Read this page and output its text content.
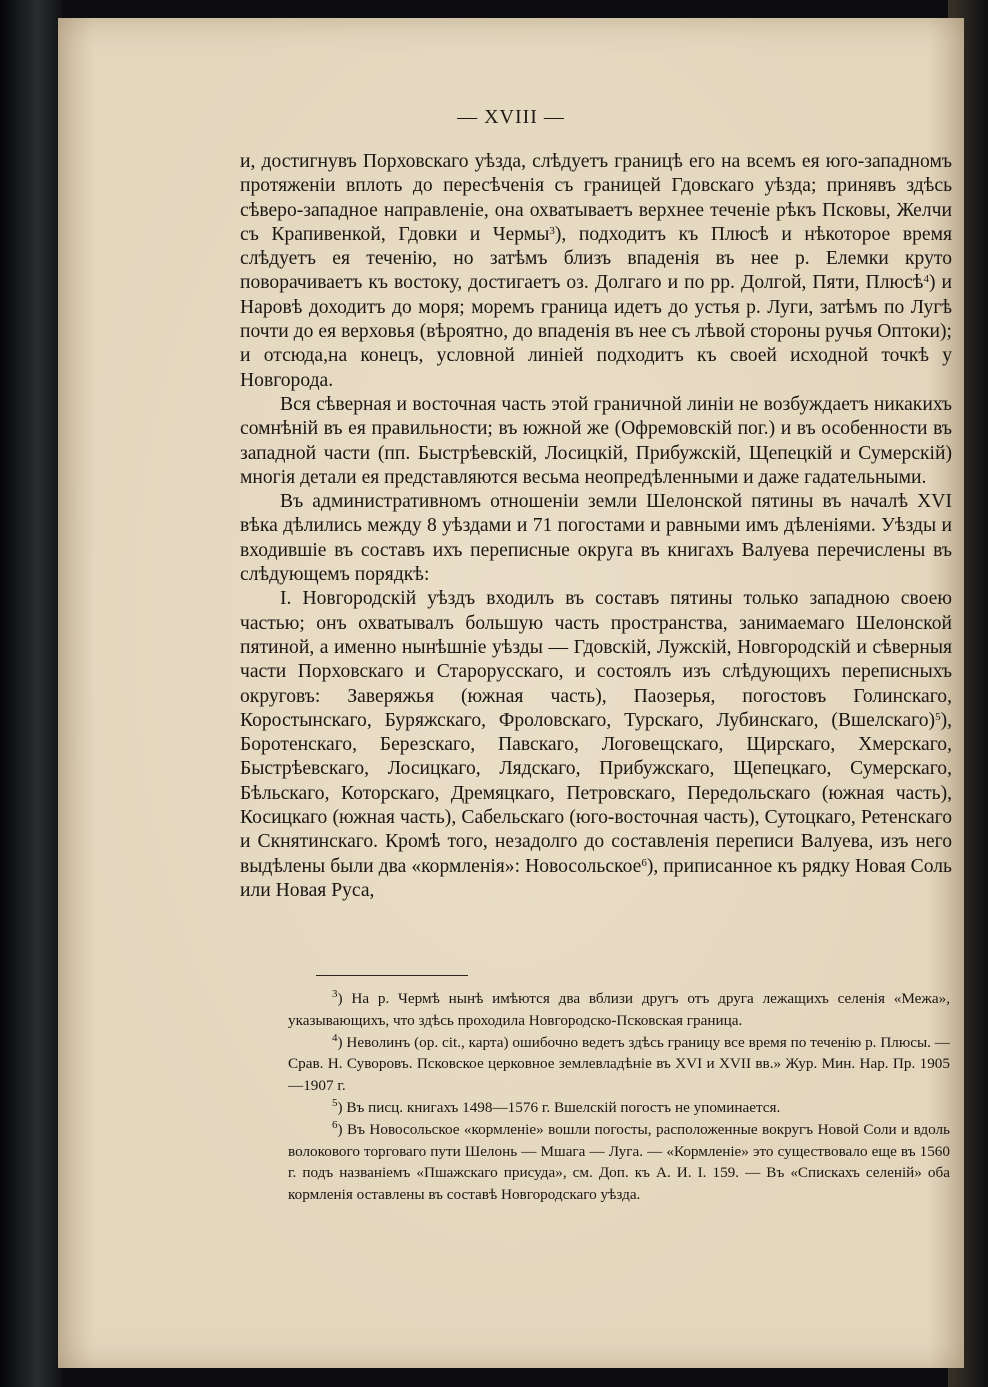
— XVIII —

и, достигнувъ Порховскаго уѣзда, слѣдуетъ границѣ его на всемъ ея юго-западномъ протяженіи вплоть до пересѣченія съ границей Гдовскаго уѣзда; принявъ здѣсь сѣверо-западное направленіе, она охватываетъ верхнее теченіе рѣкъ Псковы, Желчи съ Крапивенкой, Гдовки и Чермы$^3$), подходитъ къ Плюсѣ и нѣкоторое время слѣдуетъ ея теченію, но затѣмъ близъ впаденія въ нее р. Елемки круто поворачиваетъ къ востоку, достигаетъ оз. Долгаго и по рр. Долгой, Пяти, Плюсѣ$^4$) и Наровѣ доходитъ до моря; моремъ граница идетъ до устья р. Луги, затѣмъ по Лугѣ почти до ея верховья (вѣроятно, до впаденія въ нее съ лѣвой стороны ручья Оптоки); и отсюда,на конецъ, условной линіей подходитъ къ своей исходной точкѣ у Новгорода.

Вся сѣверная и восточная часть этой граничной линіи не возбуждаетъ никакихъ сомнѣній въ ея правильности; въ южной же (Офремовскій пог.) и въ особенности въ западной части (пп. Быстрѣевскій, Лосицкій, Прибужскій, Щепецкій и Сумерскій) многія детали ея представляются весьма неопредѣленными и даже гадательными.

Въ административномъ отношеніи земли Шелонской пятины въ началѣ XVI вѣка дѣлились между 8 уѣздами и 71 погостами и равными имъ дѣленіями. Уѣзды и входившіе въ составъ ихъ переписные округа въ книгахъ Валуева перечислены въ слѣдующемъ порядкѣ:

I. Новгородскій уѣздъ входилъ въ составъ пятины только западною своею частью; онъ охватывалъ большую часть пространства, занимаемаго Шелонской пятиной, а именно нынѣшніе уѣзды — Гдовскій, Лужскій, Новгородскій и сѣверныя части Порховскаго и Старорусскаго, и состоялъ изъ слѣдующихъ переписныхъ округовъ: Заверяжья (южная часть), Паозерья, погостовъ Голинскаго, Коростынскаго, Буряжскаго, Фроловскаго, Турскаго, Лубинскаго, (Вшелскаго)$^5$), Боротенскаго, Березскаго, Павскаго, Логовещскаго, Щирскаго, Хмерскаго, Быстрѣевскаго, Лосицкаго, Лядскаго, Прибужскаго, Щепецкаго, Сумерскаго, Бѣльскаго, Которскаго, Дремяцкаго, Петровскаго, Передольскаго (южная часть), Косицкаго (южная часть), Сабельскаго (юго-восточная часть), Сутоцкаго, Ретенскаго и Скнятинскаго. Кромѣ того, незадолго до составленія переписи Валуева, изъ него выдѣлены были два «кормленія»: Новосольское$^6$), приписанное къ рядку Новая Соль или Новая Руса,

$^3$) На р. Чермѣ нынѣ имѣются два вблизи другъ отъ друга лежащихъ селенія «Межа», указывающихъ, что здѣсь проходила Новгородско-Псковская граница.

$^4$) Неволинъ (op. cit., карта) ошибочно ведетъ здѣсь границу все время по теченію р. Плюсы. — Срав. Н. Суворовъ. Псковское церковное землевладѣніе въ XVI и XVII вв.» Жур. Мин. Нар. Пр. 1905—1907 г.

$^5$) Въ писц. книгахъ 1498—1576 г. Вшелскій погостъ не упоминается.

$^6$) Въ Новосольское «кормленіе» вошли погосты, расположенные вокругъ Новой Соли и вдоль волокового торговаго пути Шелонь — Мшага — Луга. — «Кормленіе» это существовало еще въ 1560 г. подъ названіемъ «Пшажскаго присуда», см. Доп. къ А. И. I. 159. — Въ «Спискахъ селеній» оба кормленія оставлены въ составѣ Новгородскаго уѣзда.
